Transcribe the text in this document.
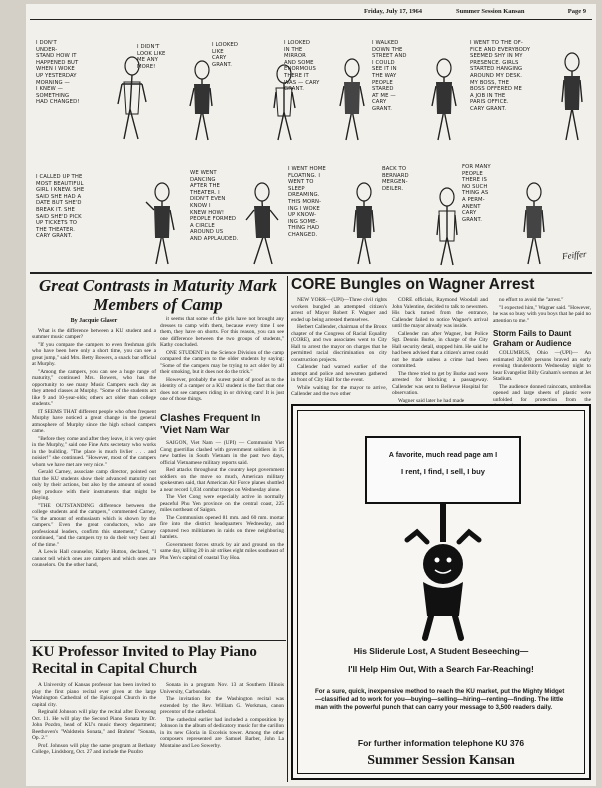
Friday, July 17, 1964	Summer Session Kansan	Page 9
I DON'T
UNDER-
STAND HOW IT
HAPPENED BUT
WHEN I WOKE
UP YESTERDAY
MORNING —
I KNEW —
SOMETHING
HAD CHANGED!
I DIDN'T
LOOK LIKE
ME ANY
MORE!
I LOOKED
LIKE
CARY
GRANT.
I LOOKED
IN THE
MIRROR
AND SOME
ENORMOUS
THERE IT
WAS — CARY
GRANT.
I WALKED
DOWN THE
STREET AND
I COULD
SEE IT IN
THE WAY
PEOPLE
STARED
AT ME —
CARY
GRANT.
I WENT TO THE OF-
FICE AND EVERYBODY
SEEMED SHY IN MY
PRESENCE. GIRLS
STARTED HANGING
AROUND MY DESK.
MY BOSS, THE
BOSS OFFERED ME
A JOB IN THE
PARIS OFFICE.
CARY GRANT.
I CALLED UP THE
MOST BEAUTIFUL
GIRL I KNEW. SHE
SAID SHE HAD A
DATE BUT SHE'D
BREAK IT. SHE
SAID SHE'D PICK
UP TICKETS TO
THE THEATER.
CARY GRANT.
WE WENT
DANCING
AFTER THE
THEATER. I
DIDN'T EVEN
KNOW I
KNEW HOW!
PEOPLE FORMED
A CIRCLE
AROUND US
AND APPLAUDED.
I WENT HOME
FLOATING. I
WENT TO
SLEEP
DREAMING.
THIS MORN-
ING I WOKE
UP KNOW-
ING SOME-
THING HAD
CHANGED.
BACK TO
BERNARD
MERGEN-
DEILER.
FOR MANY
PEOPLE
THERE IS
NO SUCH
THING AS
A PERM-
ANENT
CARY
GRANT.
Feiffer
Great Contrasts in Maturity Mark Members of Camp
By Jacquie Glaser

What is the difference between a KU student and a summer music camper?

"If you compare the campers to even freshman girls who have been here only a short time, you can see a great jump," said Mrs. Betty Bowers, a snack bar official at Murphy.

"Among the campers, you can see a huge range of maturity," continued Mrs. Bowers, who has the opportunity to see many Music Campers each day as they attend classes at Murphy. "Some of the students act like 9 and 10-year-olds; others act older than college students."

IT SEEMS THAT different people who often frequent Murphy have noticed a great change in the general atmosphere of Murphy since the high school campers came.

"Before they come and after they leave, it is very quiet in the Murphy," said one Fine Arts secretary who works in the building. "The place is much livlier . . . and noisier!" she continued. "However, most of the campers whom we have met are very nice."

Gerald Carney, associate camp director, pointed out that the KU students show their advanced maturity not only by their actions, but also by the amount of sound they produce with their instruments that might be playing.

"THE OUTSTANDING difference between the college students and the campers," commented Carney, "is the amount of enthusiasm which is shown by the campers." Even the great conductors, who are professional leaders, confirm this statement," Carney continued, "and the campers try to do their very best all of the time."

A Lewis Hall counselor, Kathy Hutton, declared, "I cannot tell which ones are campers and which ones are counselors. On the other hand,

it seems that some of the girls have not brought any dresses to camp with them, because every time I see them, they have on shorts. For this reason, you can see one difference between the two groups of students," Kathy concluded.

ONE STUDENT in the Science Division of the camp compared the campers to the older students by saying: "Some of the campers may be trying to act older by all their smoking, but it does not do the trick."

However, probably the surest point of proof as to the identity of a camper or a KU student is the fact that one does not see campers riding in or driving cars! It is just one of those things.

Clashes Frequent In 'Viet Nam War

SAIGON, Viet Nam — (UPI) — Communist Viet Cong guerrillas clashed with government soldiers in 15 new battles in South Vietnam in the past two days, official Vietnamese military reports said.

Red attacks throughout the country kept government soldiers on the move so much, American military spokesmen said, that American Air Force planes shuttled a near record 1,034 combat troops on Wednesday alone.

The Viet Cong were especially active in normally peaceful Phu Yen province on the central coast, 225 miles northeast of Saigon.

The Communists opened 81 mm. and 60 mm. mortar fire into the district headquarters Wednesday, and captured two militiamen in raids on three neighboring hamlets.

Government forces struck by air and ground on the same day, killing 20 in air strikes eight miles southeast of Phu Yen's capital of coastal Tuy Hoa.

KU Professor Invited to Play Piano Recital in Capital Church

A University of Kansas professor has been invited to play the first piano recital ever given at the large Washington Cathedral of the Episcopal Church in the capital city.

Reginald Johnson will play the recital after Evensong Oct. 11. He will play the Second Piano Sonata by Dr. John Pozdro, head of KU's music theory department; Beethoven's "Waldstein Sonata," and Brahms' "Sonata, Op. 2."

Prof. Johnson will play the same program at Bethany College, Lindsborg, Oct. 27 and include the Pozdro

Sonata in a program Nov. 13 at Southern Illinois University, Carbondale.

The invitation for the Washington recital was extended by the Rev. William G. Workman, canon precentor of the cathedral.

The cathedral earlier had included a composition by Johnson in the album of dedicatory music for the carillon in its new Gloria in Excelsis tower. Among the other composers represented are Samuel Barber, John La Montaine and Leo Sowerby.

CORE Bungles on Wagner Arrest

NEW YORK—(UPI)—Three civil rights workers bungled an attempted citizen's arrest of Mayor Robert F. Wagner and ended up being arrested themselves.

Herbert Callender, chairman of the Bronx chapter of the Congress of Racial Equality (CORE), and two associates went to City Hall to arrest the mayor on charges that he permitted racial discrimination on city construction projects.

Callender had warned earlier of the attempt and police and newsmen gathered in front of City Hall for the event.

While waiting for the mayor to arrive, Callender and the two other

CORE officials, Raymond Woodall and John Valentine, decided to talk to newsmen. His back turned from the entrance, Callender failed to notice Wagner's arrival until the mayor already was inside.

Callender ran after Wagner, but Police Sgt. Dennis Burke, in charge of the City Hall security detail, stopped him. He said he had been advised that a citizen's arrest could not be made unless a crime had been committed.

The three tried to get by Burke and were arrested for blocking a passageway. Callender was sent to Bellevue Hospital for observation.

Wagner said later he had made

no effort to avoid the "arrest."

"I expected him," Wagner said. "However, he was so busy with you boys that he paid no attention to me."

Storm Fails to Daunt Graham or Audience

COLUMBUS, Ohio —(UPI)— An estimated 28,000 persons braved an early evening thunderstorm Wednesday night to hear Evangelist Billy Graham's sermon at Jet Stadium.

The audience donned raincoats, umbrellas opened and large sheets of plastic were unfolded for protection from the

A favorite, much read page am I
I rent, I find, I sell, I buy
His Sliderule Lost, A Student Beseeching—
I'll Help Him Out, With a Search Far-Reaching!
For a sure, quick, inexpensive method to reach the KU market, put the Mighty Midget—classified ad to work for you—buying—selling—hiring—renting—finding. The little man with the powerful punch that can carry your message to 3,500 readers daily.
For further information telephone KU 376
Summer Session Kansan
